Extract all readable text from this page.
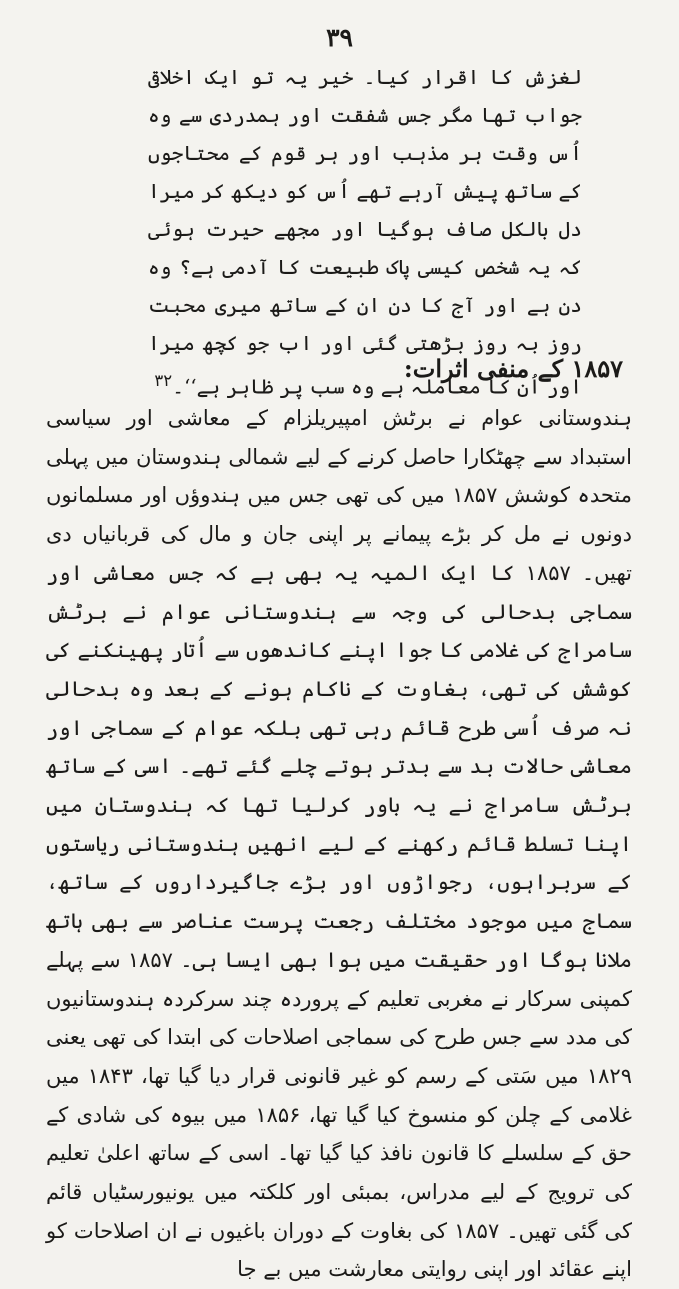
۳۹

لغزش کا اقرار کیا۔ خیر یہ تو ایک اخلاقی جواب تھا مگر جس شفقت اور ہمدردی سے وہ اُس وقت ہر مذہب اور ہر قوم کے محتاجوں کے ساتھ پیش آرہے تھے اُس کو دیکھ کر میرا دل بالکل صاف ہوگیا اور مجھے حیرت ہوئی کہ یہ شخص کیسی پاک طبیعت کا آدمی ہے؟ وہ دن ہے اور آج کا دن ان کے ساتھ میری محبت روز بہ روز بڑھتی گئی اور اب جو کچھ میرا اور اُن کا معاملہ ہے وہ سب پر ظاہر ہے‘‘۔$^{۳۲}$	۱۸۵۷ کے منفی اثرات:

ہندوستانی عوام نے برٹش امپیریلزام کے معاشی اور سیاسی استبداد سے چھٹکارا حاصل کرنے کے لیے شمالی ہندوستان میں پہلی متحدہ کوشش ۱۸۵۷ میں کی تھی جس میں ہندوؤں اور مسلمانوں دونوں نے مل کر بڑے پیمانے پر اپنی جان و مال کی قربانیاں دی تھیں۔ ۱۸۵۷ کا ایک المیہ یہ بھی ہے کہ جس معاشی اور سماجی بدحالی کی وجہ سے ہندوستانی عوام نے برٹش سامراج کی غلامی کا جوا اپنے کاندھوں سے اُتار پھینکنے کی کوشش کی تھی، بغاوت کے ناکام ہونے کے بعد وہ بدحالی نہ صرف اُسی طرح قائم رہی تھی بلکہ عوام کے سماجی اور معاشی حالات بد سے بدتر ہوتے چلے گئے تھے۔ اسی کے ساتھ برٹش سامراج نے یہ باور کرلیا تھا کہ ہندوستان میں اپنا تسلط قائم رکھنے کے لیے انھیں ہندوستانی ریاستوں کے سربراہوں، رجواڑوں اور بڑے جاگیرداروں کے ساتھ، سماج میں موجود مختلف رجعت پرست عناصر سے بھی ہاتھ ملانا ہوگا اور حقیقت میں ہوا بھی ایسا ہی۔ ۱۸۵۷ سے پہلے کمپنی سرکار نے مغربی تعلیم کے پروردہ چند سرکردہ ہندوستانیوں کی مدد سے جس طرح کی سماجی اصلاحات کی ابتدا کی تھی یعنی ۱۸۲۹ میں سَتی کے رسم کو غیر قانونی قرار دیا گیا تھا، ۱۸۴۳ میں غلامی کے چلن کو منسوخ کیا گیا تھا، ۱۸۵۶ میں بیوہ کی شادی کے حق کے سلسلے کا قانون نافذ کیا گیا تھا۔ اسی کے ساتھ اعلیٰ تعلیم کی ترویج کے لیے مدراس، بمبئی اور کلکتہ میں یونیورسٹیاں قائم کی گئی تھیں۔ ۱۸۵۷ کی بغاوت کے دوران باغیوں نے ان اصلاحات کو اپنے عقائد اور اپنی روایتی معارشت میں بے جا
